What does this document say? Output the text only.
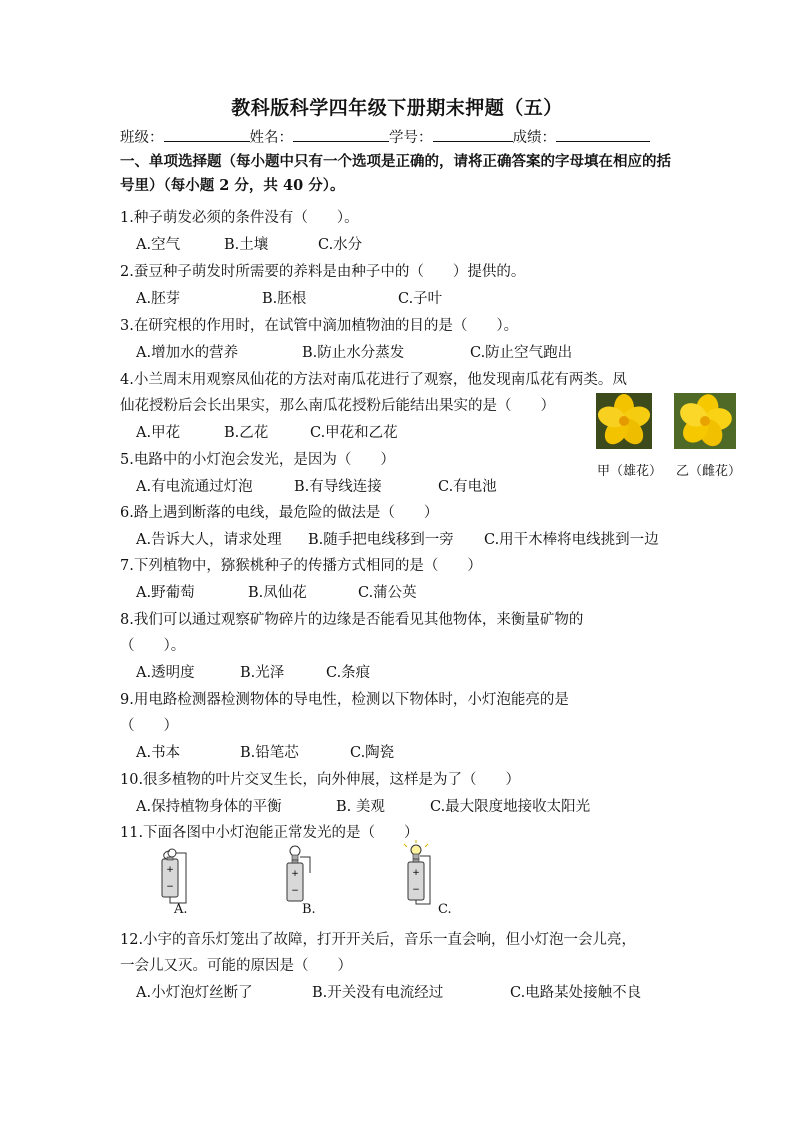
教科版科学四年级下册期末押题（五）
班级：	姓名：	学号：	成绩：
一、单项选择题（每小题中只有一个选项是正确的，请将正确答案的字母填在相应的括号里）（每小题 2 分，共 40 分）。
1.种子萌发必须的条件没有（　　）。
A.空气	B.土壤	C.水分
2.蚕豆种子萌发时所需要的养料是由种子中的（　　）提供的。
A.胚芽	B.胚根	C.子叶
3.在研究根的作用时，在试管中滴加植物油的目的是（　　）。
A.增加水的营养	B.防止水分蒸发	C.防止空气跑出
4.小兰周末用观察凤仙花的方法对南瓜花进行了观察，他发现南瓜花有两类。凤
仙花授粉后会长出果实，那么南瓜花授粉后能结出果实的是（　　）
A.甲花	B.乙花	C.甲花和乙花
甲（雄花） 乙（雌花）
5.电路中的小灯泡会发光，是因为（　　）
A.有电流通过灯泡	B.有导线连接	C.有电池
6.路上遇到断落的电线，最危险的做法是（　　）
A.告诉大人，请求处理 B.随手把电线移到一旁 C.用干木棒将电线挑到一边
7.下列植物中，猕猴桃种子的传播方式相同的是（　　）
A.野葡萄	B.凤仙花	C.蒲公英
8.我们可以通过观察矿物碎片的边缘是否能看见其他物体，来衡量矿物的
（　　）。
A.透明度	B.光泽	C.条痕
9.用电路检测器检测物体的导电性，检测以下物体时，小灯泡能亮的是
（　　）
A.书本	B.铅笔芯	C.陶瓷
10.很多植物的叶片交叉生长，向外伸展，这样是为了（　　）
A.保持植物身体的平衡	B. 美观	C.最大限度地接收太阳光
11.下面各图中小灯泡能正常发光的是（　　）
+
−
A.
+
−
B.
+
−
C.
12.小宇的音乐灯笼出了故障，打开开关后，音乐一直会响，但小灯泡一会儿亮，
一会儿又灭。可能的原因是（　　）
A.小灯泡灯丝断了	B.开关没有电流经过	C.电路某处接触不良
